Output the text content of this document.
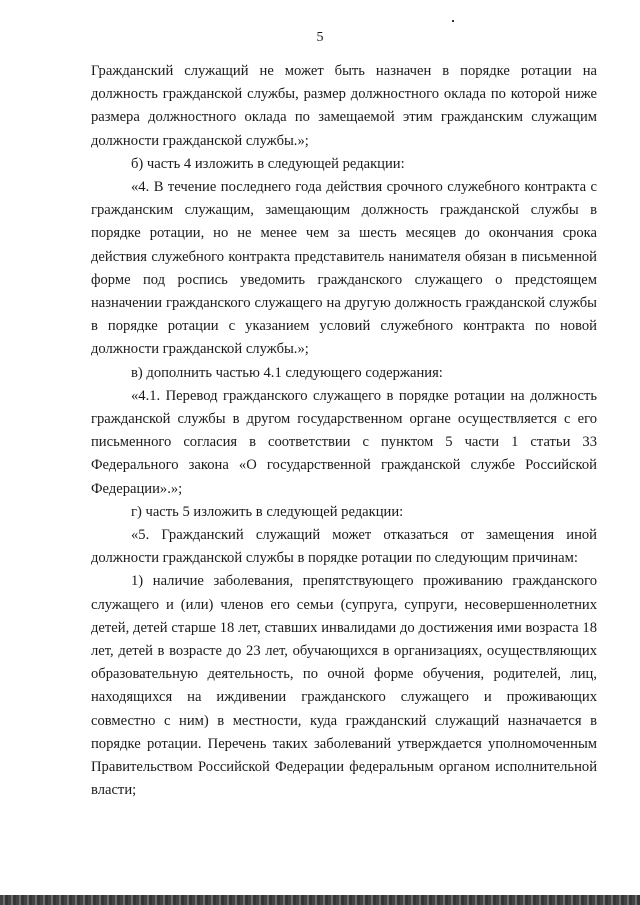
5

Гражданский служащий не может быть назначен в порядке ротации на должность гражданской службы, размер должностного оклада по которой ниже размера должностного оклада по замещаемой этим гражданским служащим должности гражданской службы.»;

б) часть 4 изложить в следующей редакции:

«4. В течение последнего года действия срочного служебного контракта с гражданским служащим, замещающим должность гражданской службы в порядке ротации, но не менее чем за шесть месяцев до окончания срока действия служебного контракта представитель нанимателя обязан в письменной форме под роспись уведомить гражданского служащего о предстоящем назначении гражданского служащего на другую должность гражданской службы в порядке ротации с указанием условий служебного контракта по новой должности гражданской службы.»;

в) дополнить частью 4.1 следующего содержания:

«4.1. Перевод гражданского служащего в порядке ротации на должность гражданской службы в другом государственном органе осуществляется с его письменного согласия в соответствии с пунктом 5 части 1 статьи 33 Федерального закона «О государственной гражданской службе Российской Федерации».»;

г) часть 5 изложить в следующей редакции:

«5. Гражданский служащий может отказаться от замещения иной должности гражданской службы в порядке ротации по следующим причинам:

1) наличие заболевания, препятствующего проживанию гражданского служащего и (или) членов его семьи (супруга, супруги, несовершеннолетних детей, детей старше 18 лет, ставших инвалидами до достижения ими возраста 18 лет, детей в возрасте до 23 лет, обучающихся в организациях, осуществляющих образовательную деятельность, по очной форме обучения, родителей, лиц, находящихся на иждивении гражданского служащего и проживающих совместно с ним) в местности, куда гражданский служащий назначается в порядке ротации. Перечень таких заболеваний утверждается уполномоченным Правительством Российской Федерации федеральным органом исполнительной власти;
